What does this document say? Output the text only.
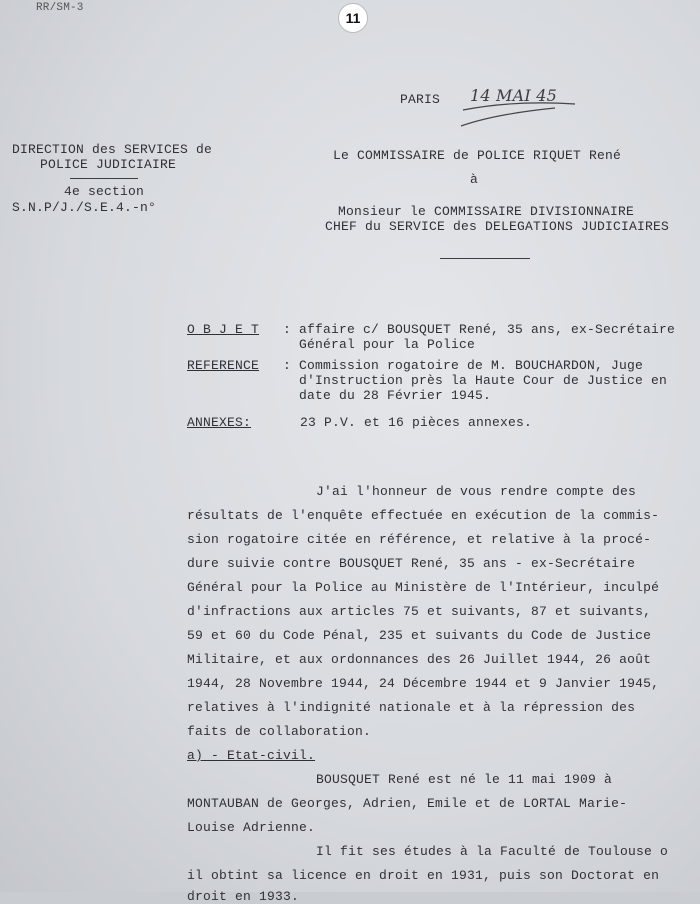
RR/SM-3
11
PARIS 14 MAI 45
DIRECTION des SERVICES de
POLICE JUDICIAIRE
4e section
S.N.P/J./S.E.4.-n°
Le COMMISSAIRE de POLICE RIQUET René
à
Monsieur le COMMISSAIRE DIVISIONNAIRE
CHEF du SERVICE des DELEGATIONS JUDICIAIRES
O B J E T : affaire c/ BOUSQUET René, 35 ans, ex-Secrétaire
Général pour la Police
REFERENCE : Commission rogatoire de M. BOUCHARDON, Juge
d'Instruction près la Haute Cour de Justice en
date du 28 Février 1945.
ANNEXES:	23 P.V. et 16 pièces annexes.
J'ai l'honneur de vous rendre compte des
résultats de l'enquête effectuée en exécution de la commis-
sion rogatoire citée en référence, et relative à la procé-
dure suivie contre BOUSQUET René, 35 ans - ex-Secrétaire
Général pour la Police au Ministère de l'Intérieur, inculpé
d'infractions aux articles 75 et suivants, 87 et suivants,
59 et 60 du Code Pénal, 235 et suivants du Code de Justice
Militaire, et aux ordonnances des 26 Juillet 1944, 26 août
1944, 28 Novembre 1944, 24 Décembre 1944 et 9 Janvier 1945,
relatives à l'indignité nationale et à la répression des
faits de collaboration.
a) - Etat-civil.
BOUSQUET René est né le 11 mai 1909 à
MONTAUBAN de Georges, Adrien, Emile et de LORTAL Marie-
Louise Adrienne.
Il fit ses études à la Faculté de Toulouse o
il obtint sa licence en droit en 1931, puis son Doctorat en
droit en 1933.
